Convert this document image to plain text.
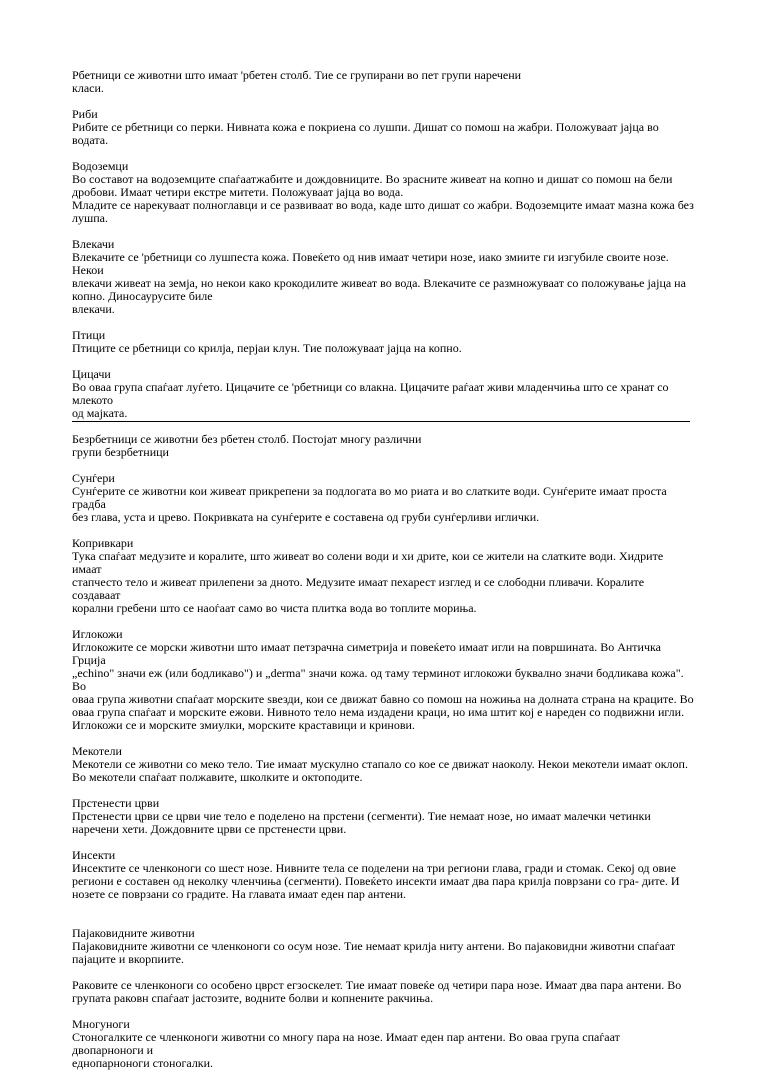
Рбетници се животни што имаат 'рбетен столб. Тие се групирани во пет групи наречени

класи.

Риби

Рибите се рбетници со перки. Нивната кожа е покриена со лушпи. Дишат со помош на жабри. Положуваат јајца во водата.

Водоземци

Во составот на водоземците спаѓаатжабите и дождовниците. Во зрасните живеат на копно и дишат со помош на бели

дробови. Имаат четири екстре митети. Положуваат јајца во вода.

Младите се нарекуваат полноглавци и се развиваат во вода, каде што дишат со жабри. Водоземците имаат мазна кожа без

лушпа.

Влекачи

Влекачите се 'рбетници со лушпеста кожа. Повеќето од нив имаат четири нозе, иако змиите ги изгубиле своите нозе. Некои

влекачи живеат на земја, но некои како крокодилите живеат во вода. Влекачите се размножуваат со положување јајца на

копно. Диносаурусите биле

влекачи.

Птици

Птиците се рбетници со крилја, перјаи клун. Тие положуваат јајца на копно.

Цицачи

Во оваа група спаѓаат луѓето. Цицачите се 'рбетници со влакна. Цицачите раѓаат живи младенчиња што се хранат со млекото

од мајката.

Безрбетници се животни без рбетен столб. Постојат многу различни

групи безрбетници

Сунѓери

Сунѓерите се животни кои живеат прикрепени за подлогата во мо риата и во слатките води. Сунѓерите имаат проста градба

без глава, уста и црево. Покривката на сунѓерите е составена од груби сунѓерливи иглички.

Копривкари

Тука спаѓаат медузите и коралите, што живеат во солени води и хи дрите, кои се жители на слатките води. Хидрите имаат

стапчесто тело и живеат прилепени за дното. Медузите имаат пехарест изглед и се слободни пливачи. Коралите создаваат

корални гребени што се наоѓаат само во чиста плитка вода во топлите мориња.

Иглокожи

Иглокожите се морски животни што имаат петзрачна симетрија и повеќето имаат игли на површината. Во Античка Грција

„echino" значи еж (или бодликаво") и „derma" значи кожа. од таму терминот иглокожи буквално значи бодликава кожа". Во

оваа група животни спаѓаат морските ѕвезди, кои се движат бавно со помош на ножиња на долната страна на краците. Во

оваа група спаѓаат и морските ежови. Нивното тело нема издадени краци, но има штит кој е нареден со подвижни игли.

Иглокожи се и морските змиулки, морските краставици и кринови.

Мекотели

Мекотели се животни со меко тело. Тие имаат мускулно стапало со кое се движат наоколу. Некои мекотели имаат оклоп.

Во мекотели спаѓаат полжавите, школките и октоподите.

Прстенести црви

Прстенести црви се црви чие тело е поделено на прстени (сегменти). Тие немаат нозе, но имаат малечки четинки

наречени хети. Дождовните црви се прстенести црви.

Инсекти

Инсектите се членконоги со шест нозе. Нивните тела се поделени на три региони глава, гради и стомак. Секој од овие

региони е составен од неколку членчиња (сегменти). Повеќето инсекти имаат два пара крилја поврзани со гра- дите. И

нозете се поврзани со градите. На главата имаат еден пар антени.

Пајаковидните животни

Пајаковидните животни се членконоги со осум нозе. Тие немаат крилја ниту антени. Во пајаковидни животни спаѓаат

пајаците и вкорпиите.

Раковите се членконоги со особено цврст егзоскелет. Тие имаат повеќе од четири пара нозе. Имаат два пара антени. Во

групата раковн спаѓаат јастозите, водните болви и копнените ракчиња.

Многуноги

Стоногалките се членконоги животни со многу пара на нозе. Имаат еден пар антени. Во оваа група спаѓаат двопарноноги и

еднопарноноги стоногалки.
